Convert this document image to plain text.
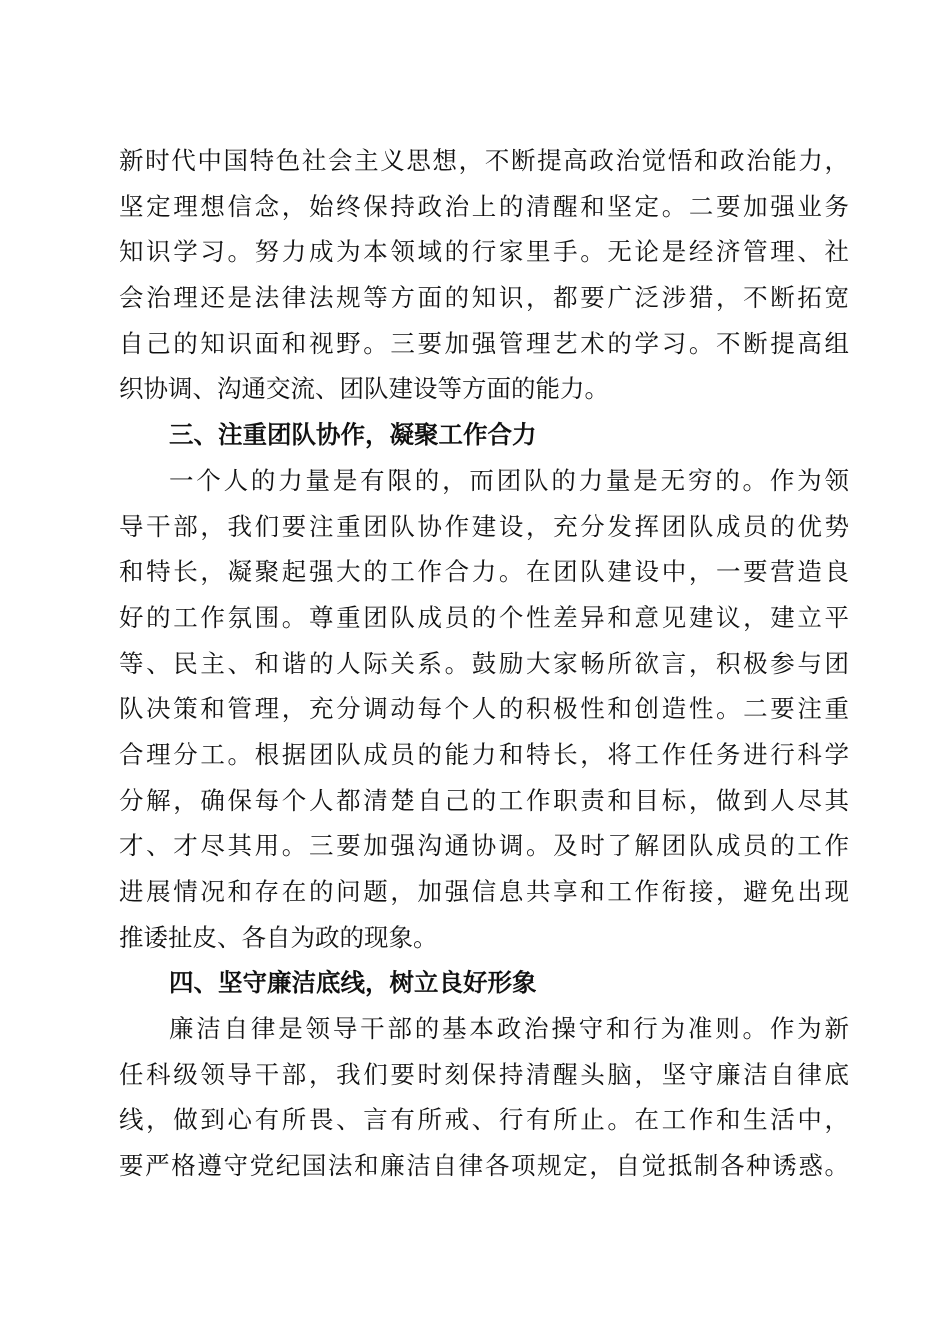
新时代中国特色社会主义思想，不断提高政治觉悟和政治能力，
坚定理想信念，始终保持政治上的清醒和坚定。二要加强业务
知识学习。努力成为本领域的行家里手。无论是经济管理、社
会治理还是法律法规等方面的知识，都要广泛涉猎，不断拓宽
自己的知识面和视野。三要加强管理艺术的学习。不断提高组
织协调、沟通交流、团队建设等方面的能力。
三、注重团队协作，凝聚工作合力
一个人的力量是有限的，而团队的力量是无穷的。作为领
导干部，我们要注重团队协作建设，充分发挥团队成员的优势
和特长，凝聚起强大的工作合力。在团队建设中，一要营造良
好的工作氛围。尊重团队成员的个性差异和意见建议，建立平
等、民主、和谐的人际关系。鼓励大家畅所欲言，积极参与团
队决策和管理，充分调动每个人的积极性和创造性。二要注重
合理分工。根据团队成员的能力和特长，将工作任务进行科学
分解，确保每个人都清楚自己的工作职责和目标，做到人尽其
才、才尽其用。三要加强沟通协调。及时了解团队成员的工作
进展情况和存在的问题，加强信息共享和工作衔接，避免出现
推诿扯皮、各自为政的现象。
四、坚守廉洁底线，树立良好形象
廉洁自律是领导干部的基本政治操守和行为准则。作为新
任科级领导干部，我们要时刻保持清醒头脑，坚守廉洁自律底
线，做到心有所畏、言有所戒、行有所止。在工作和生活中，
要严格遵守党纪国法和廉洁自律各项规定，自觉抵制各种诱惑。
